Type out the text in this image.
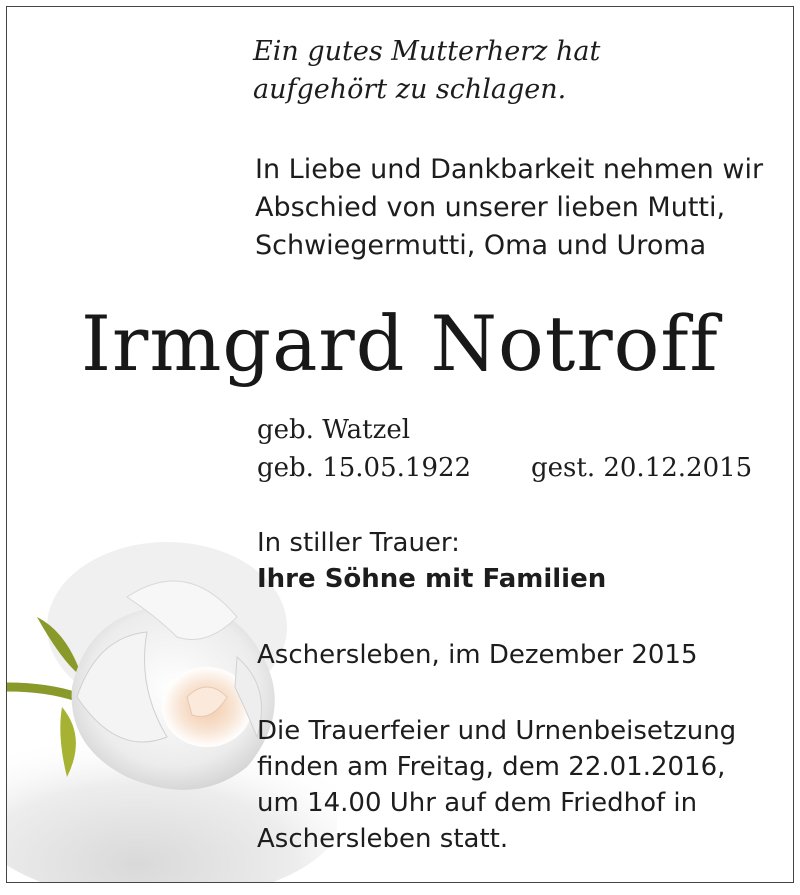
Ein gutes Mutterherz hat
aufgehört zu schlagen.
In Liebe und Dankbarkeit nehmen wir
Abschied von unserer lieben Mutti,
Schwiegermutti, Oma und Uroma
Irmgard Notroff
geb. Watzel
geb. 15.05.1922 gest. 20.12.2015
In stiller Trauer:
Ihre Söhne mit Familien
Aschersleben, im Dezember 2015
Die Trauerfeier und Urnenbeisetzung
finden am Freitag, dem 22.01.2016,
um 14.00 Uhr auf dem Friedhof in
Aschersleben statt.
